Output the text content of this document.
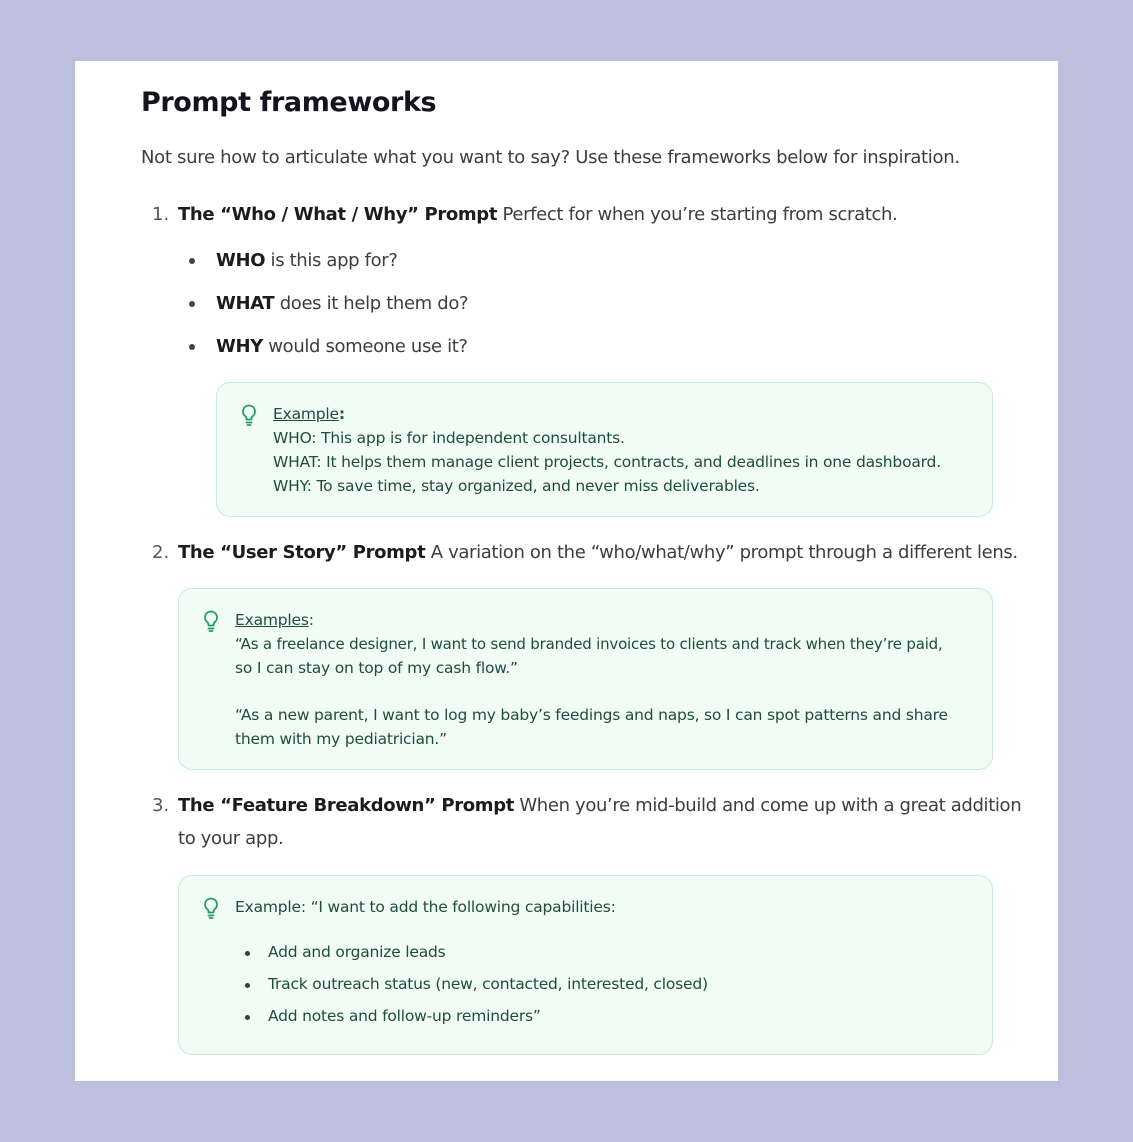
Prompt frameworks
Not sure how to articulate what you want to say? Use these frameworks below for inspiration.
1. The “Who / What / Why” Prompt Perfect for when you’re starting from scratch.
WHO is this app for?
WHAT does it help them do?
WHY would someone use it?
Example:
WHO: This app is for independent consultants.
WHAT: It helps them manage client projects, contracts, and deadlines in one dashboard.
WHY: To save time, stay organized, and never miss deliverables.
2. The “User Story” Prompt A variation on the “who/what/why” prompt through a different lens.
Examples:
“As a freelance designer, I want to send branded invoices to clients and track when they’re paid,
so I can stay on top of my cash flow.”
“As a new parent, I want to log my baby’s feedings and naps, so I can spot patterns and share
them with my pediatrician.”
3. The “Feature Breakdown” Prompt When you’re mid-build and come up with a great addition
to your app.
Example: “I want to add the following capabilities:
Add and organize leads
Track outreach status (new, contacted, interested, closed)
Add notes and follow-up reminders”
